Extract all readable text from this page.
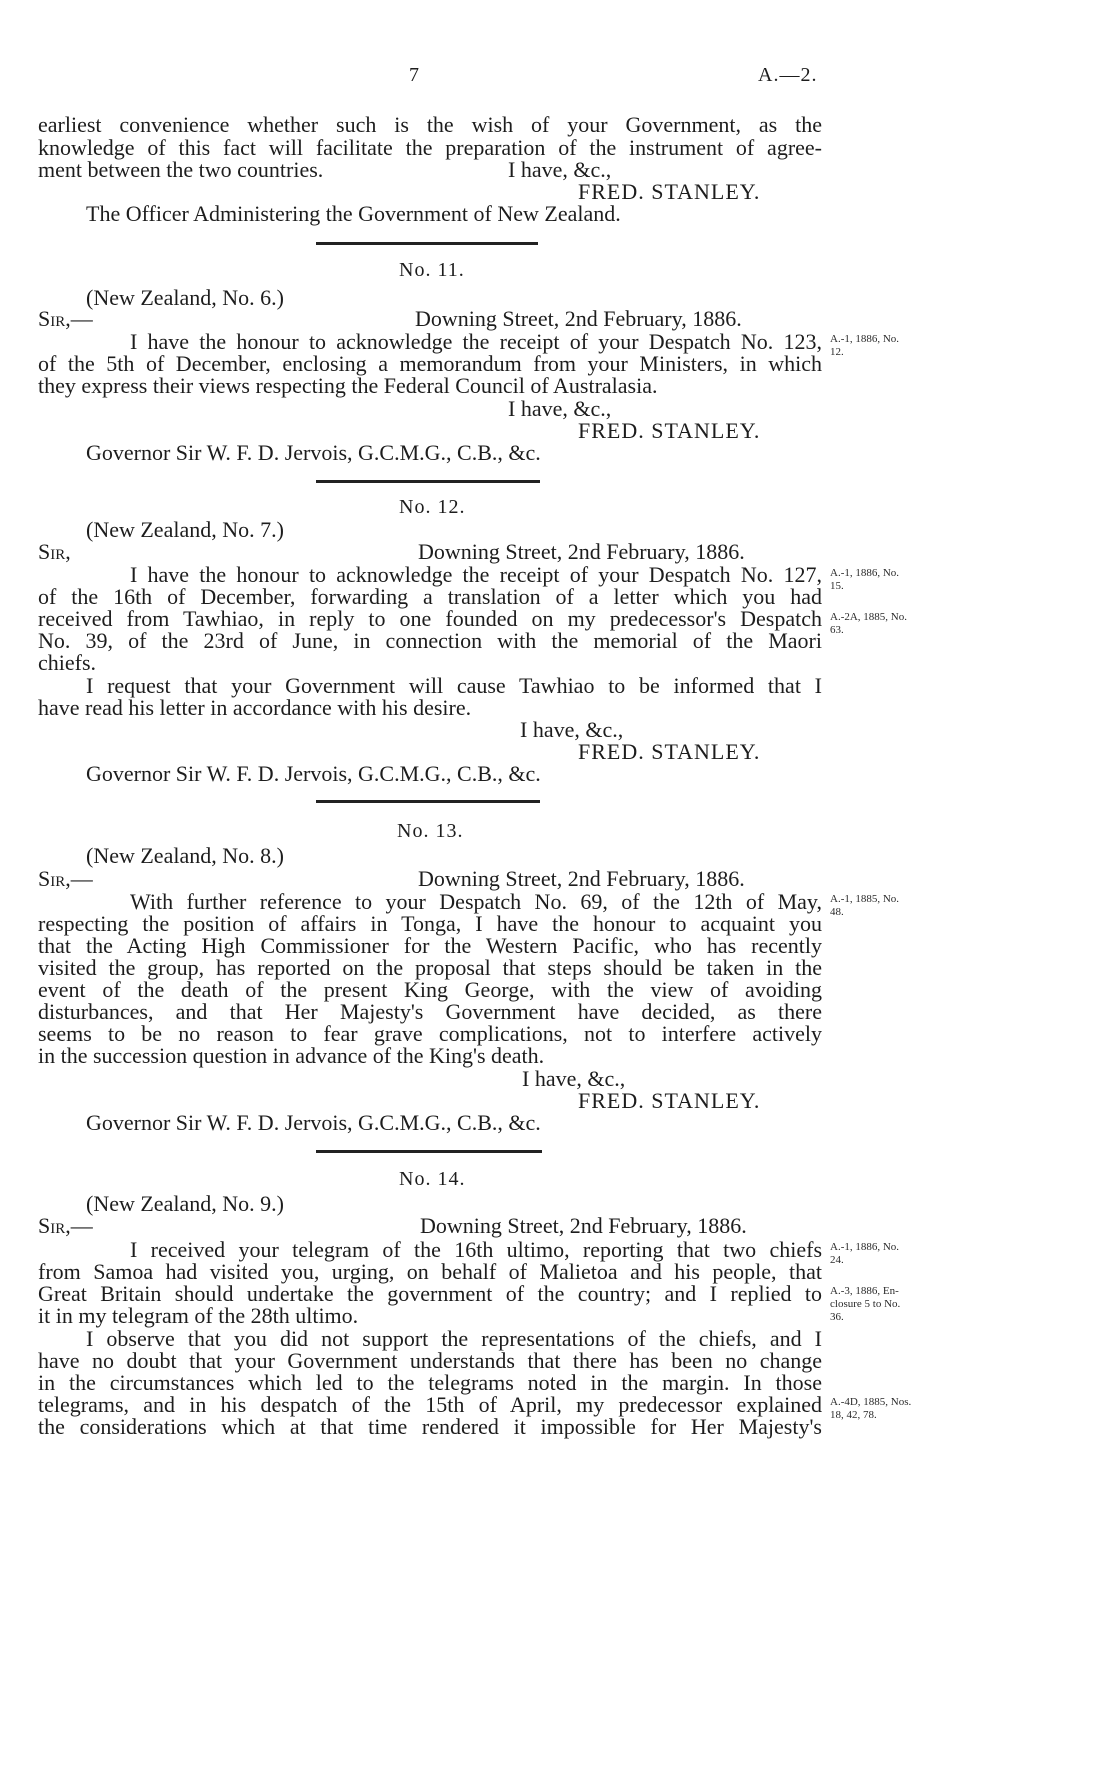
7	A.—2.
earliest convenience whether such is the wish of your Government, as the
knowledge of this fact will facilitate the preparation of the instrument of agree-
ment between the two countries.	I have, &c.,
FRED. STANLEY.
The Officer Administering the Government of New Zealand.
No. 11.
(New Zealand, No. 6.)
Sir,—	Downing Street, 2nd February, 1886.
I have the honour to acknowledge the receipt of your Despatch No. 123,
of the 5th of December, enclosing a memorandum from your Ministers, in which
they express their views respecting the Federal Council of Australasia.
A.-1, 1886, No.
12.
I have, &c.,
FRED. STANLEY.
Governor Sir W. F. D. Jervois, G.C.M.G., C.B., &c.
No. 12.
(New Zealand, No. 7.)
Sir,	Downing Street, 2nd February, 1886.
I have the honour to acknowledge the receipt of your Despatch No. 127,
of the 16th of December, forwarding a translation of a letter which you had
received from Tawhiao, in reply to one founded on my predecessor's Despatch
No. 39, of the 23rd of June, in connection with the memorial of the Maori
chiefs.
I request that your Government will cause Tawhiao to be informed that I
have read his letter in accordance with his desire.
A.-1, 1886, No.
15.
A.-2A, 1885, No.
63.
I have, &c.,
FRED. STANLEY.
Governor Sir W. F. D. Jervois, G.C.M.G., C.B., &c.
No. 13.
(New Zealand, No. 8.)
Sir,—	Downing Street, 2nd February, 1886.
With further reference to your Despatch No. 69, of the 12th of May,
respecting the position of affairs in Tonga, I have the honour to acquaint you
that the Acting High Commissioner for the Western Pacific, who has recently
visited the group, has reported on the proposal that steps should be taken in the
event of the death of the present King George, with the view of avoiding
disturbances, and that Her Majesty's Government have decided, as there
seems to be no reason to fear grave complications, not to interfere actively
in the succession question in advance of the King's death.
A.-1, 1885, No.
48.
I have, &c.,
FRED. STANLEY.
Governor Sir W. F. D. Jervois, G.C.M.G., C.B., &c.
No. 14.
(New Zealand, No. 9.)
Sir,—	Downing Street, 2nd February, 1886.
I received your telegram of the 16th ultimo, reporting that two chiefs
from Samoa had visited you, urging, on behalf of Malietoa and his people, that
Great Britain should undertake the government of the country; and I replied to
it in my telegram of the 28th ultimo.
I observe that you did not support the representations of the chiefs, and I
have no doubt that your Government understands that there has been no change
in the circumstances which led to the telegrams noted in the margin. In those
telegrams, and in his despatch of the 15th of April, my predecessor explained
the considerations which at that time rendered it impossible for Her Majesty's
A.-1, 1886, No.
24.
A.-3, 1886, En-
closure 5 to No.
36.
A.-4D, 1885, Nos.
18, 42, 78.
